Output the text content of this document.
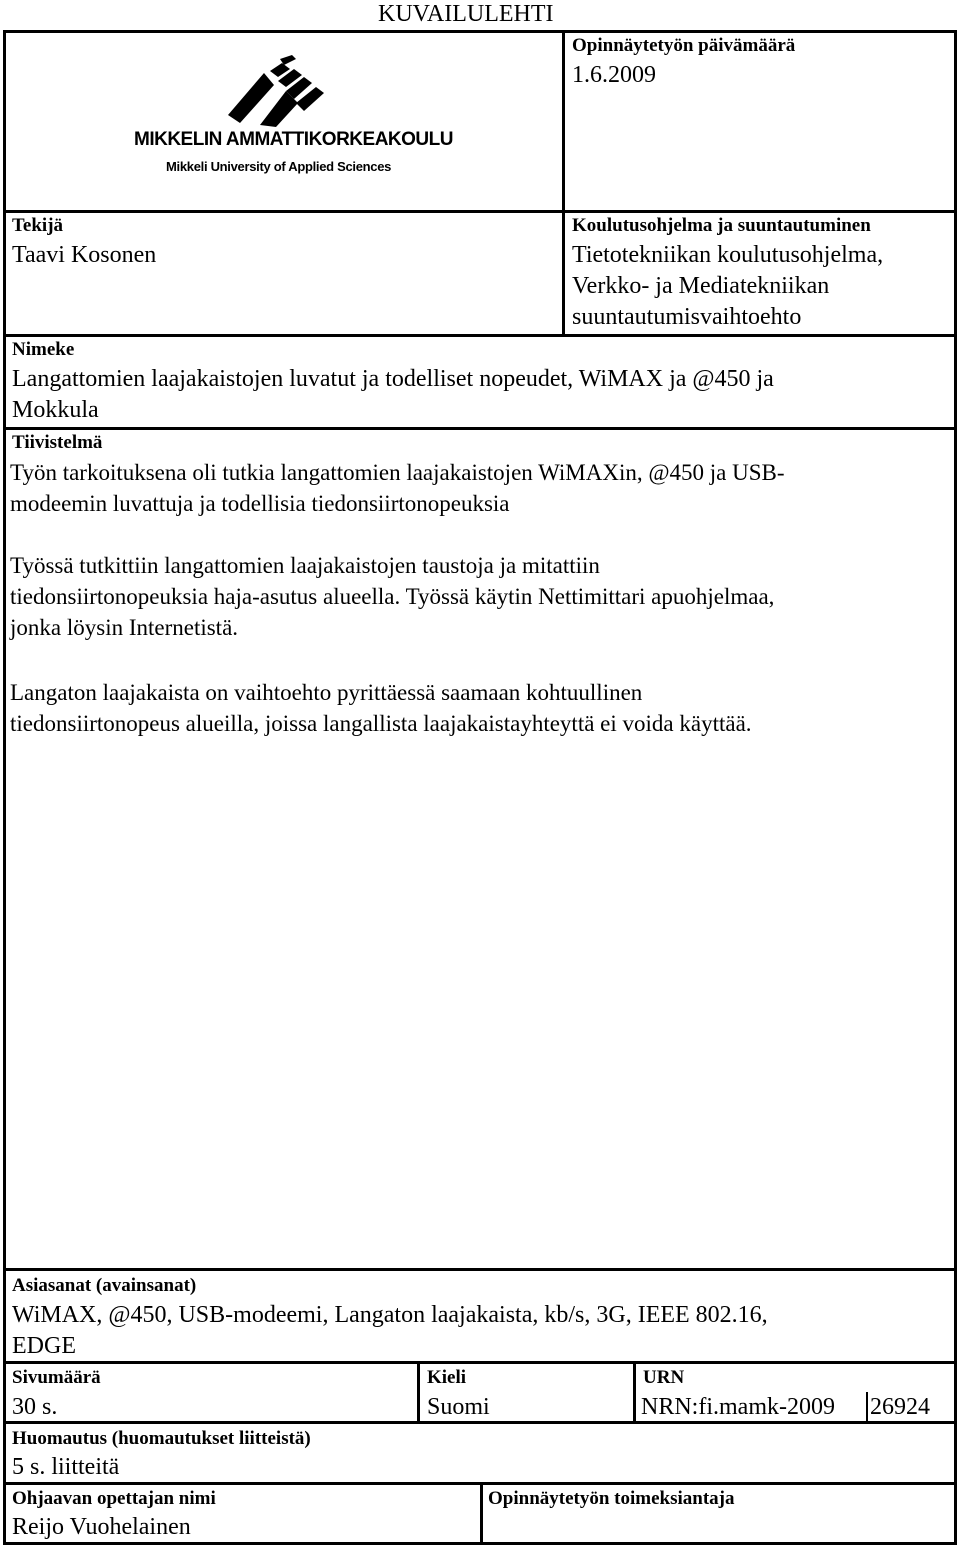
KUVAILULEHTI
MIKKELIN AMMATTIKORKEAKOULU
Mikkeli University of Applied Sciences
Opinnäytetyön päivämäärä
1.6.2009
Tekijä
Taavi Kosonen
Koulutusohjelma ja suuntautuminen
Tietotekniikan koulutusohjelma,
Verkko- ja Mediatekniikan
suuntautumisvaihtoehto
Nimeke
Langattomien laajakaistojen luvatut ja todelliset nopeudet, WiMAX ja @450 ja
Mokkula
Tiivistelmä
Työn tarkoituksena oli tutkia langattomien laajakaistojen WiMAXin, @450 ja USB-
modeemin luvattuja ja todellisia tiedonsiirtonopeuksia
Työssä tutkittiin langattomien laajakaistojen taustoja ja mitattiin
tiedonsiirtonopeuksia haja-asutus alueella. Työssä käytin Nettimittari apuohjelmaa,
jonka löysin Internetistä.
Langaton laajakaista on vaihtoehto pyrittäessä saamaan kohtuullinen
tiedonsiirtonopeus alueilla, joissa langallista laajakaistayhteyttä ei voida käyttää.
Asiasanat (avainsanat)
WiMAX, @450, USB-modeemi, Langaton laajakaista, kb/s, 3G, IEEE 802.16,
EDGE
Sivumäärä
30 s.
Kieli
Suomi
URN
NRN:fi.mamk-2009 26924
Huomautus (huomautukset liitteistä)
5 s. liitteitä
Ohjaavan opettajan nimi
Reijo Vuohelainen
Opinnäytetyön toimeksiantaja
